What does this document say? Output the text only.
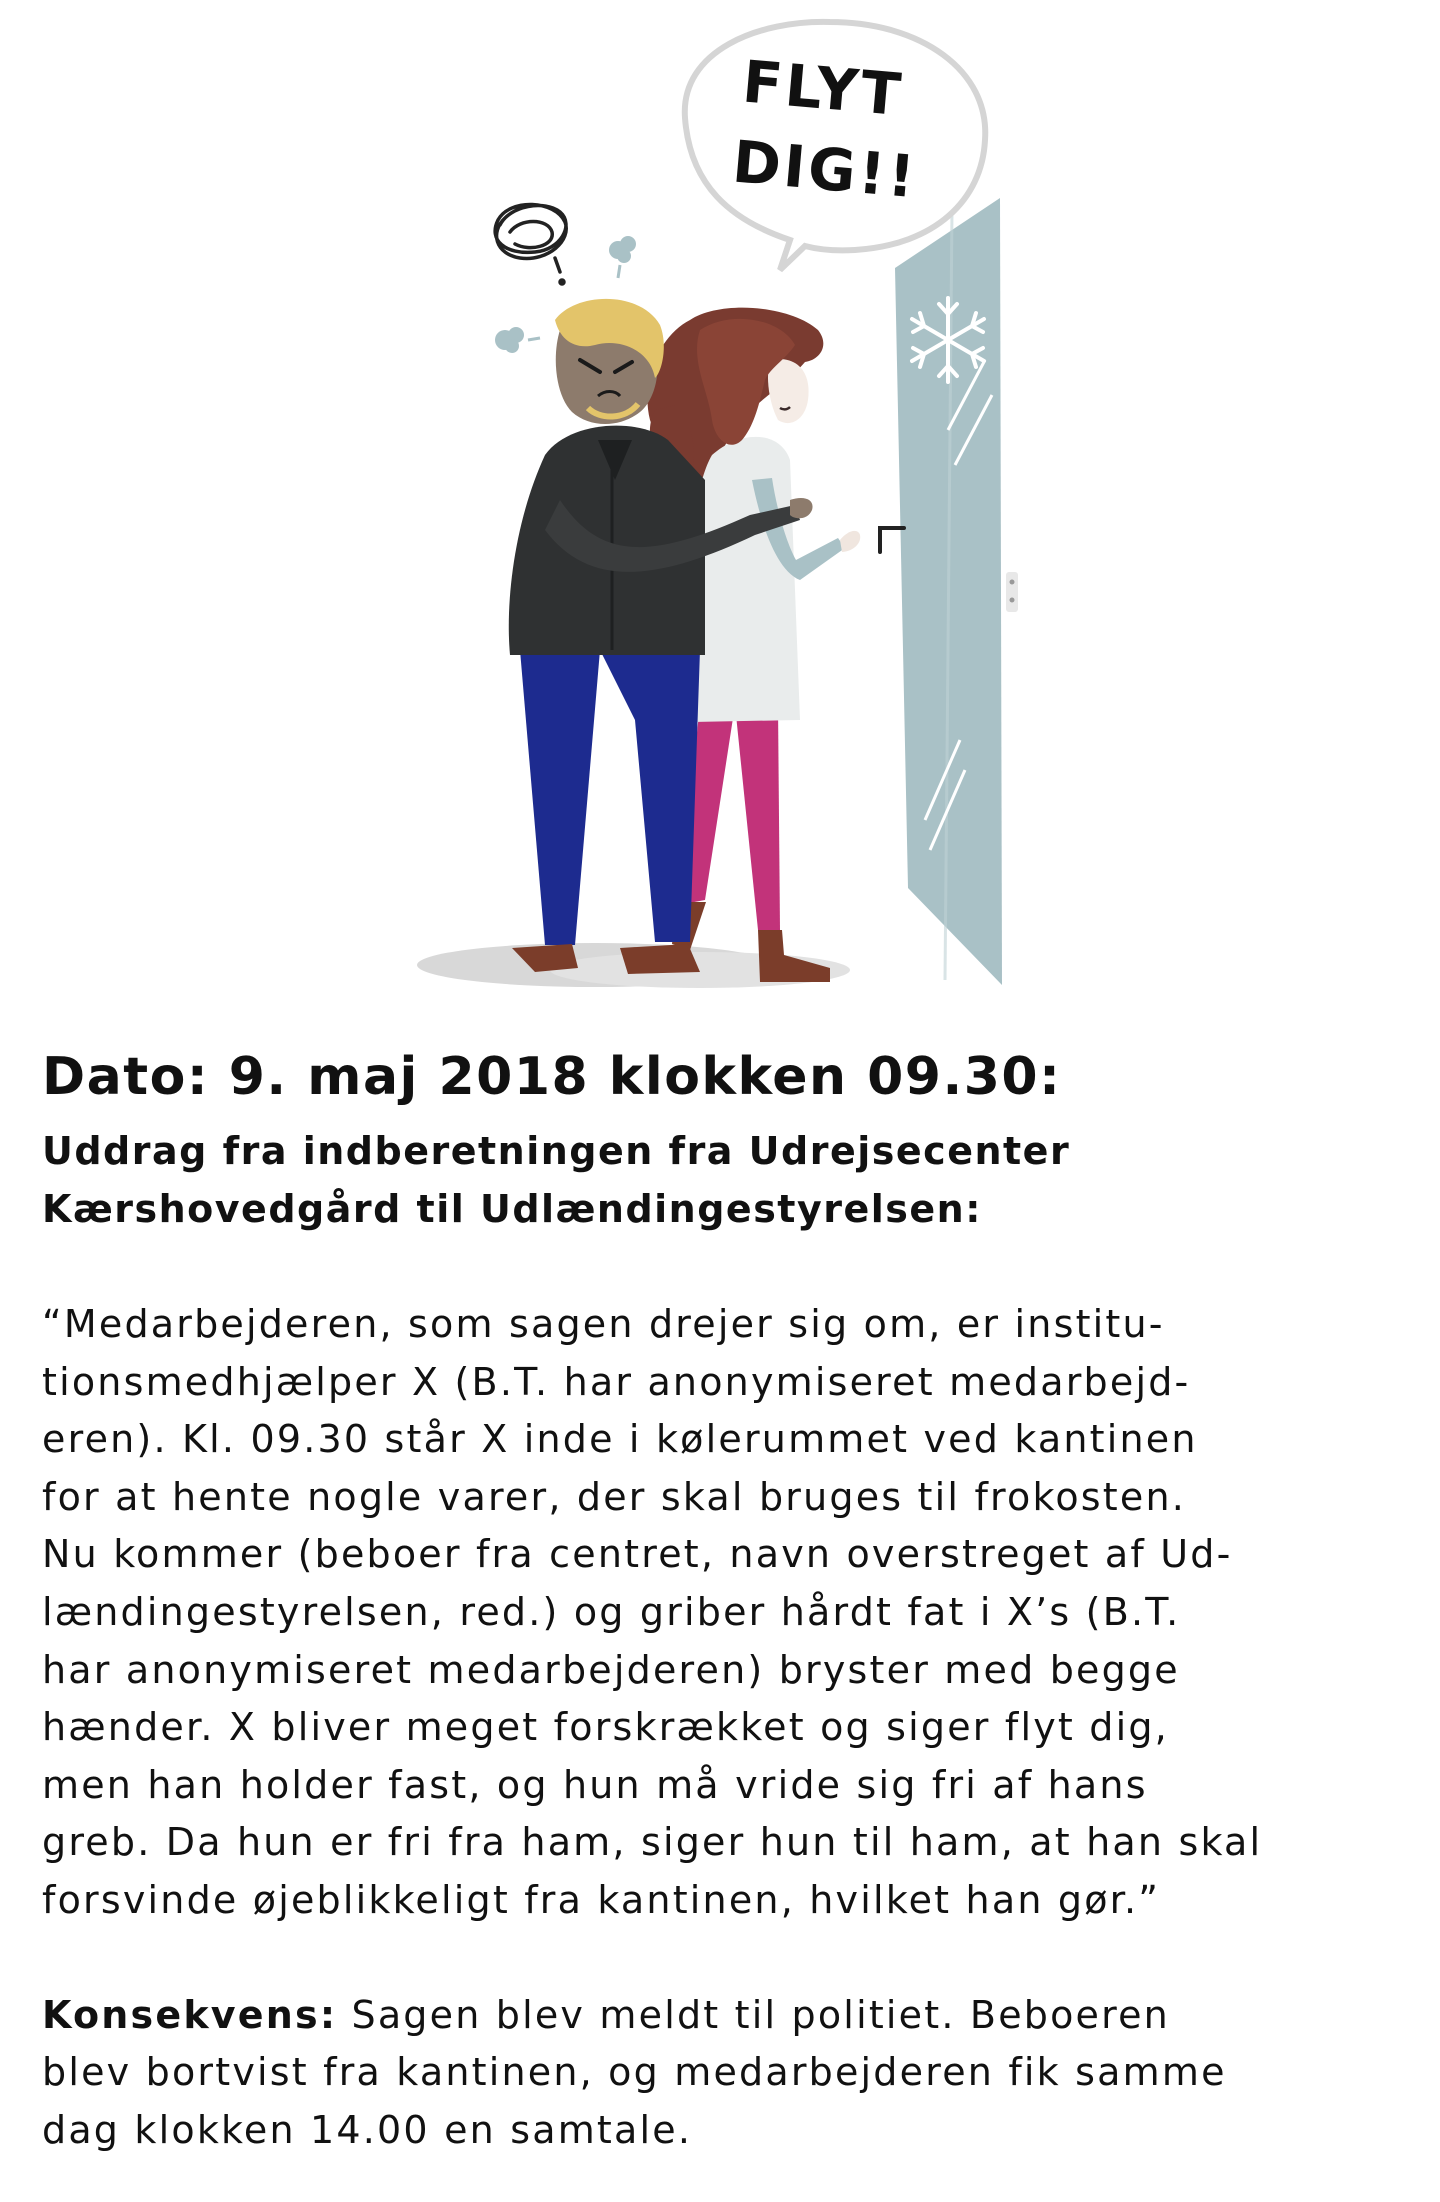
FLYT
DIG!!
Dato: 9. maj 2018 klokken 09.30:
Uddrag fra indberetningen fra Udrejsecenter
Kærshovedgård til Udlændingestyrelsen:

“Medarbejderen, som sagen drejer sig om, er institu-
tionsmedhjælper X (B.T. har anonymiseret medarbejd-
eren). Kl. 09.30 står X inde i kølerummet ved kantinen
for at hente nogle varer, der skal bruges til frokosten.
Nu kommer (beboer fra centret, navn overstreget af Ud-
lændingestyrelsen, red.) og griber hårdt fat i X’s (B.T.
har anonymiseret medarbejderen) bryster med begge
hænder. X bliver meget forskrækket og siger flyt dig,
men han holder fast, og hun må vride sig fri af hans
greb. Da hun er fri fra ham, siger hun til ham, at han skal
forsvinde øjeblikkeligt fra kantinen, hvilket han gør.”

Konsekvens: Sagen blev meldt til politiet. Beboeren
blev bortvist fra kantinen, og medarbejderen fik samme
dag klokken 14.00 en samtale.
